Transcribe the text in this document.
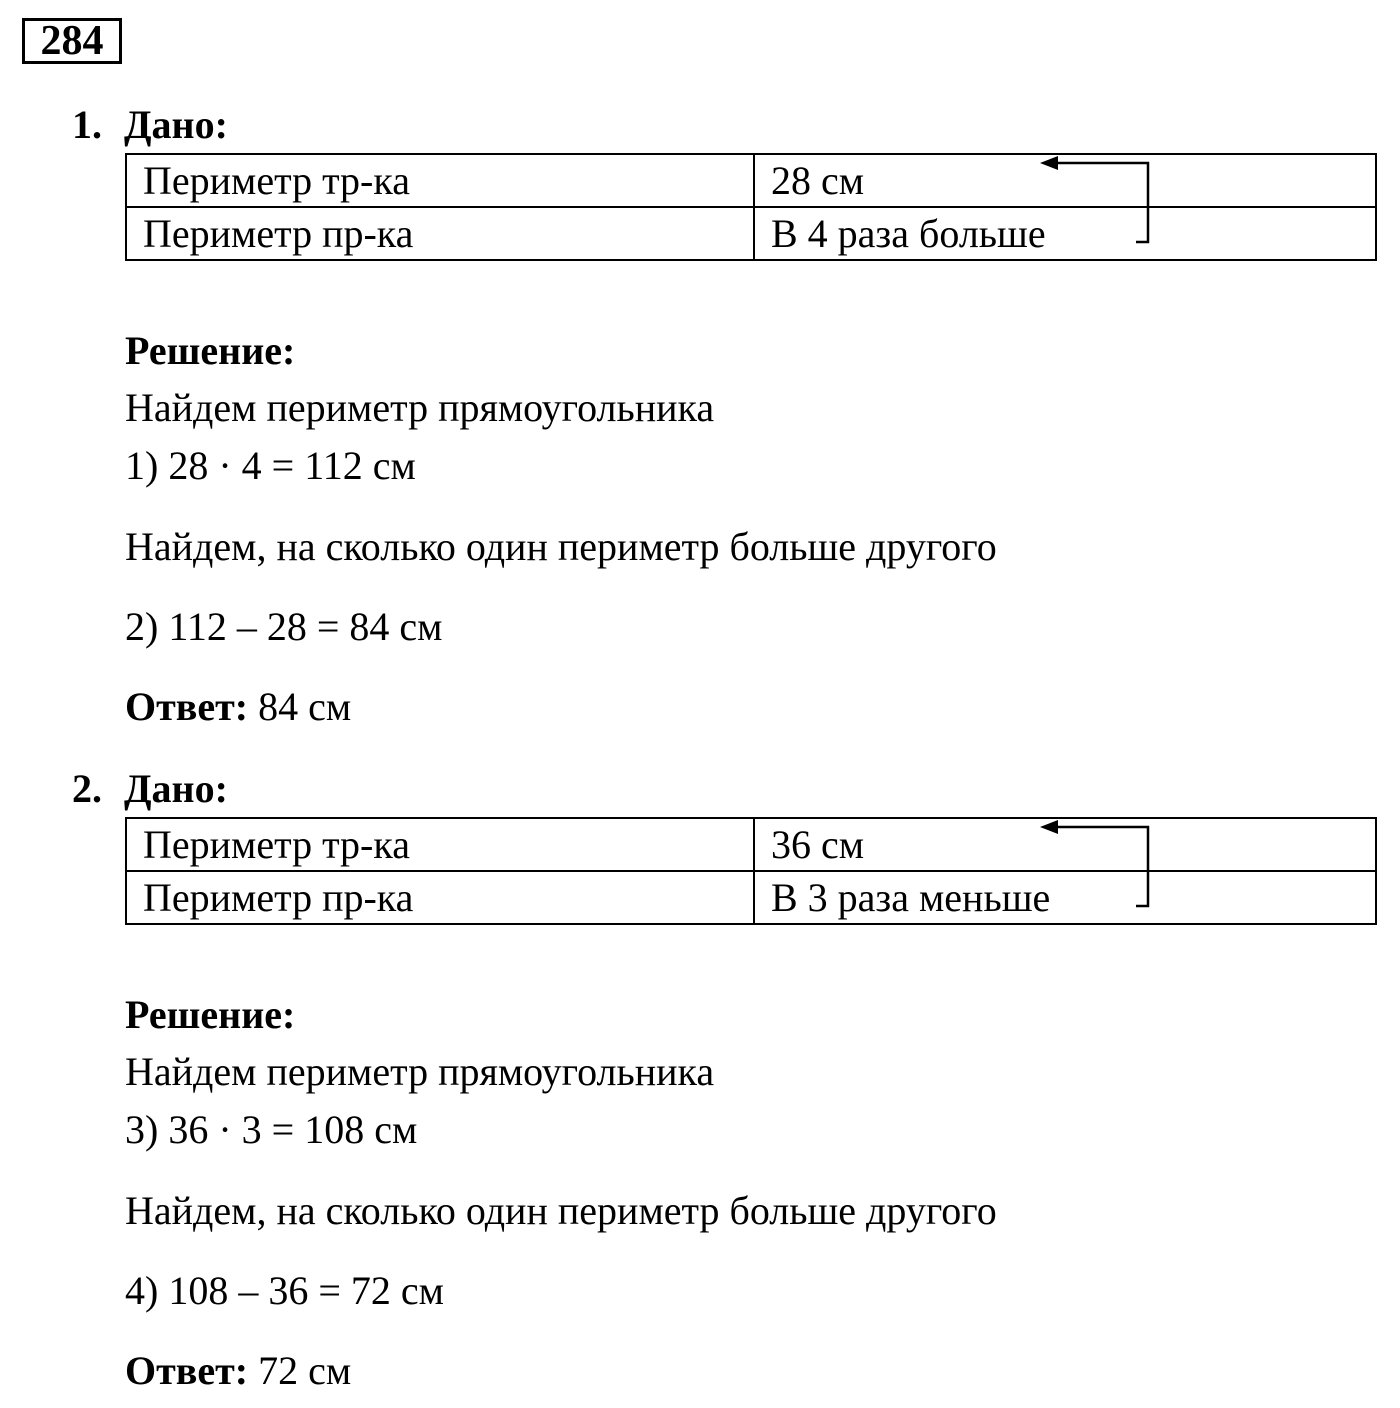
284
1. Дано:
Периметр тр-ка	28 см
Периметр пр-ка	В 4 раза больше
Решение:
Найдем периметр прямоугольника
1) 28 · 4 = 112 см
Найдем, на сколько один периметр больше другого
2) 112 – 28 = 84 см
Ответ: 84 см
2. Дано:
Периметр тр-ка	36 см
Периметр пр-ка	В 3 раза меньше
Решение:
Найдем периметр прямоугольника
3) 36 · 3 = 108 см
Найдем, на сколько один периметр больше другого
4) 108 – 36 = 72 см
Ответ: 72 см
